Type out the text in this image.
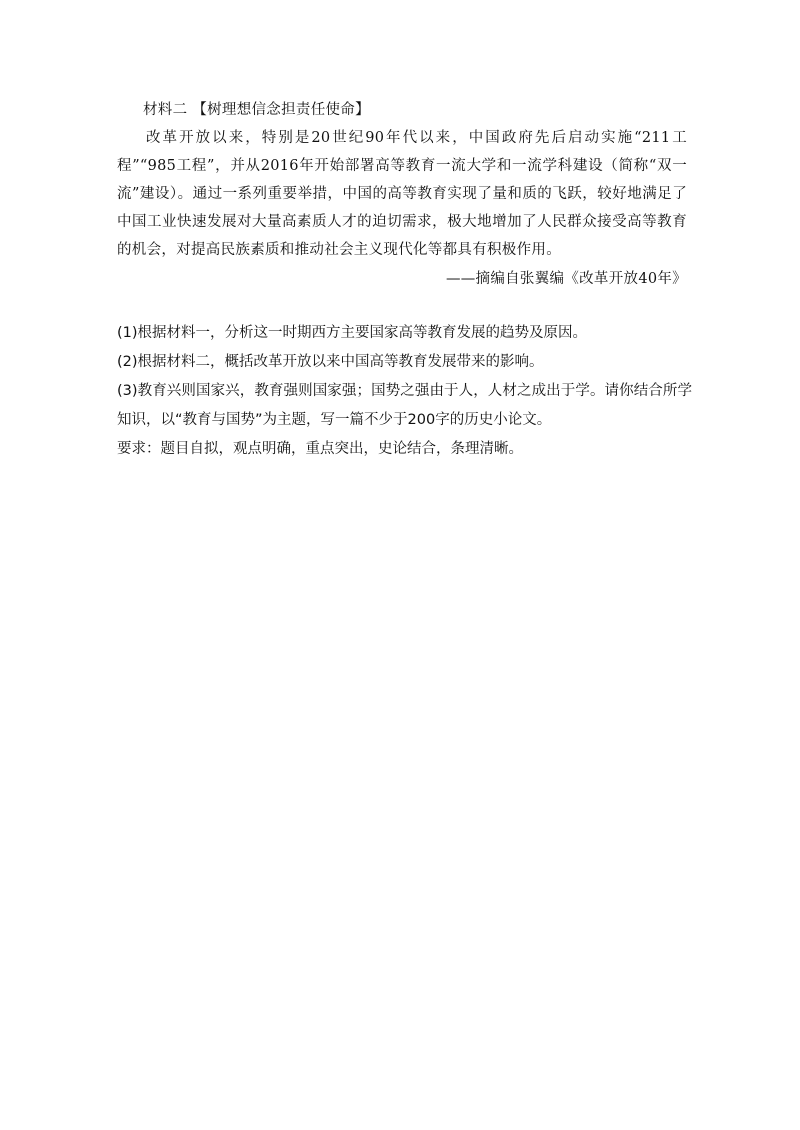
材料二 【树理想信念担责任使命】

改革开放以来，特别是20世纪90年代以来，中国政府先后启动实施“211工程”“985工程”，并从2016年开始部署高等教育一流大学和一流学科建设（简称“双一流”建设）。通过一系列重要举措，中国的高等教育实现了量和质的飞跃，较好地满足了中国工业快速发展对大量高素质人才的迫切需求，极大地增加了人民群众接受高等教育的机会，对提高民族素质和推动社会主义现代化等都具有积极作用。

——摘编自张翼编《改革开放40年》
(1)根据材料一，分析这一时期西方主要国家高等教育发展的趋势及原因。
(2)根据材料二，概括改革开放以来中国高等教育发展带来的影响。
(3)教育兴则国家兴，教育强则国家强；国势之强由于人，人材之成出于学。请你结合所学知识，以“教育与国势”为主题，写一篇不少于200字的历史小论文。
要求：题目自拟，观点明确，重点突出，史论结合，条理清晰。
